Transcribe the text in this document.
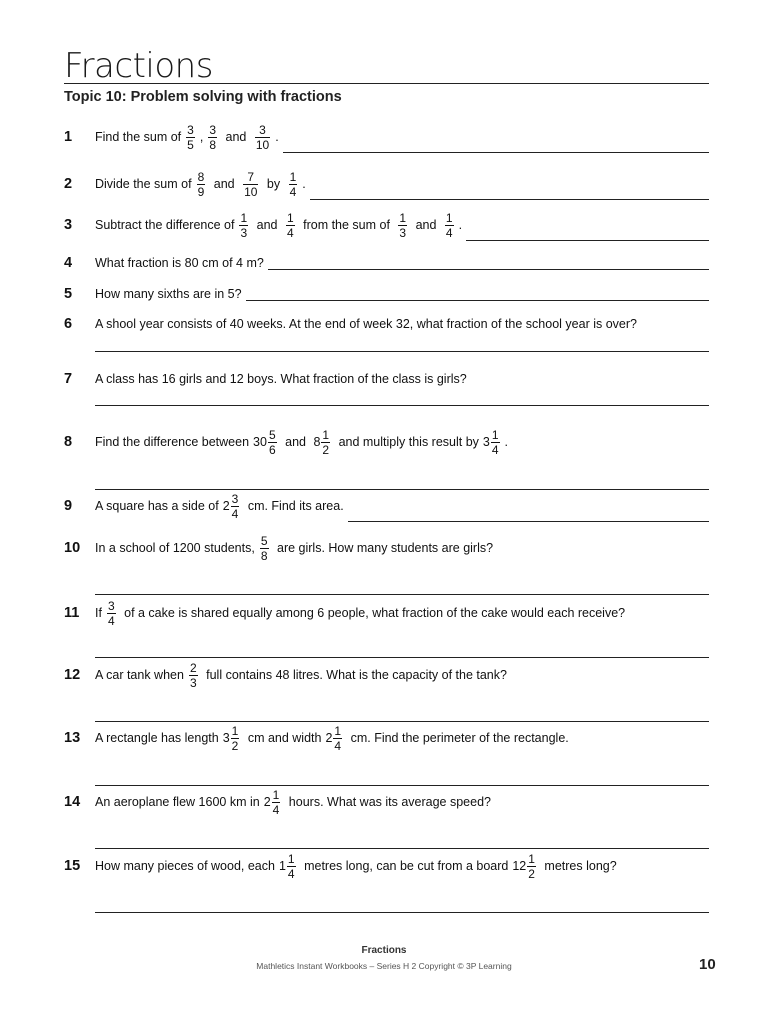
Fractions
Topic 10: Problem solving with fractions
1	Find the sum of $\frac{3}{5}$ , $\frac{3}{8}$ and $\frac{3}{10}$ .
2	Divide the sum of $\frac{8}{9}$ and $\frac{7}{10}$ by $\frac{1}{4}$ .
3	Subtract the difference of $\frac{1}{3}$ and $\frac{1}{4}$ from the sum of $\frac{1}{3}$ and $\frac{1}{4}$ .
4	What fraction is 80 cm of 4 m?
5	How many sixths are in 5?
6	A shool year consists of 40 weeks. At the end of week 32, what fraction of the school year is over?
7	A class has 16 girls and 12 boys. What fraction of the class is girls?
8	Find the difference between $30 \frac{5}{6}$ and $8 \frac{1}{2}$ and multiply this result by $3 \frac{1}{4}$ .
9	A square has a side of $2 \frac{3}{4}$ cm. Find its area.
10	In a school of 1200 students, $\frac{5}{8}$ are girls. How many students are girls?
11	If $\frac{3}{4}$ of a cake is shared equally among 6 people, what fraction of the cake would each receive?
12	A car tank when $\frac{2}{3}$ full contains 48 litres. What is the capacity of the tank?
13	A rectangle has length $3 \frac{1}{2}$ cm and width $2 \frac{1}{4}$ cm. Find the perimeter of the rectangle.
14	An aeroplane flew 1600 km in $2 \frac{1}{4}$ hours. What was its average speed?
15	How many pieces of wood, each $1 \frac{1}{4}$ metres long, can be cut from a board $12 \frac{1}{2}$ metres long?
Fractions
Mathletics Instant Workbooks – Series H 2 Copyright © 3P Learning	10
